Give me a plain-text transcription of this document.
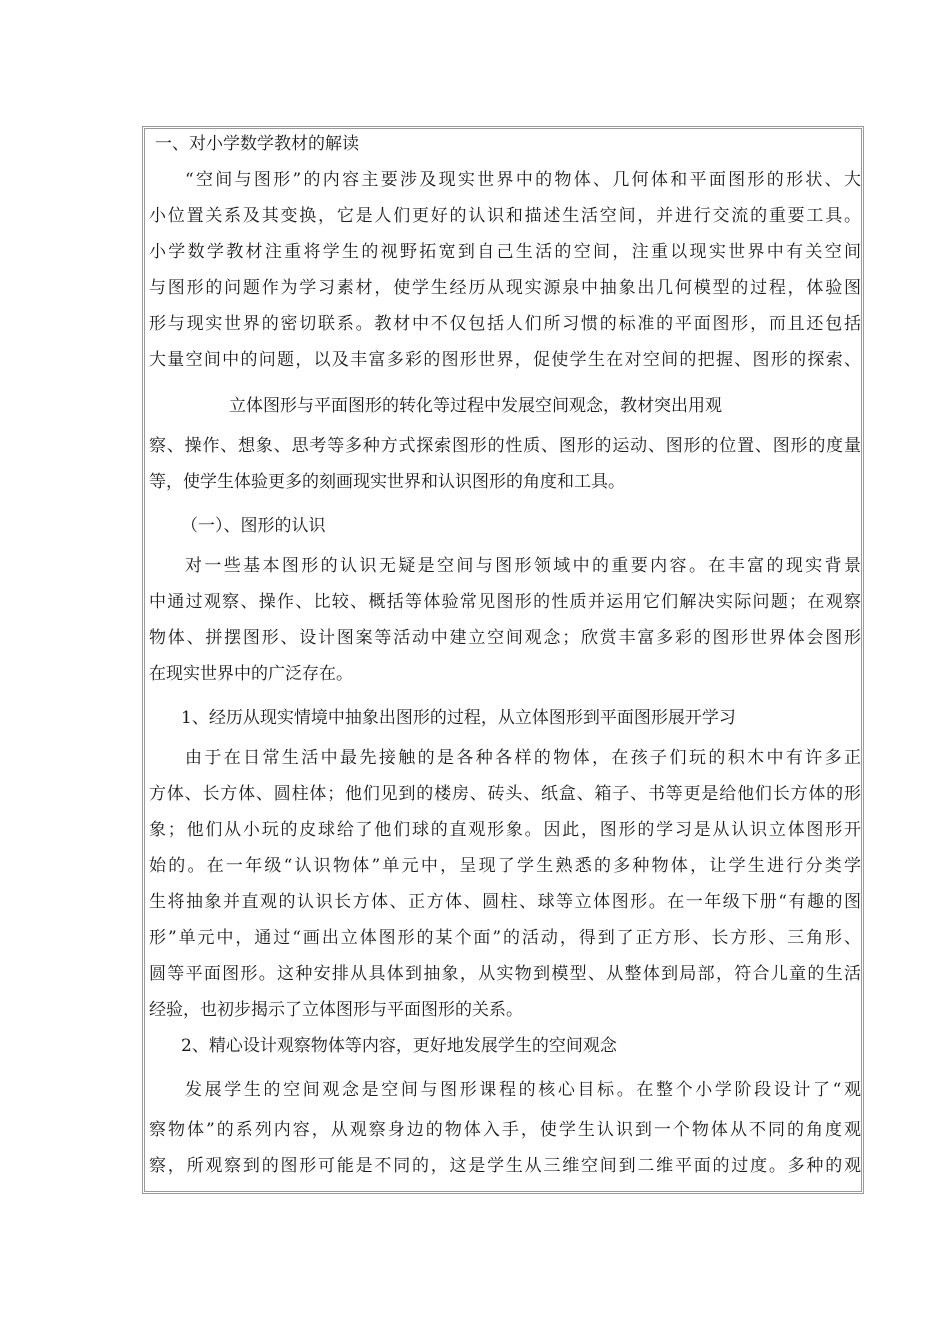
一、对小学数学教材的解读
“空间与图形”的内容主要涉及现实世界中的物体、几何体和平面图形的形状、大
小位置关系及其变换，它是人们更好的认识和描述生活空间，并进行交流的重要工具。
小学数学教材注重将学生的视野拓宽到自己生活的空间，注重以现实世界中有关空间
与图形的问题作为学习素材，使学生经历从现实源泉中抽象出几何模型的过程，体验图
形与现实世界的密切联系。教材中不仅包括人们所习惯的标准的平面图形，而且还包括
大量空间中的问题，以及丰富多彩的图形世界，促使学生在对空间的把握、图形的探索、
立体图形与平面图形的转化等过程中发展空间观念，教材突出用观
察、操作、想象、思考等多种方式探索图形的性质、图形的运动、图形的位置、图形的度量
等，使学生体验更多的刻画现实世界和认识图形的角度和工具。
（一）、图形的认识
对一些基本图形的认识无疑是空间与图形领域中的重要内容。在丰富的现实背景
中通过观察、操作、比较、概括等体验常见图形的性质并运用它们解决实际问题；在观察
物体、拼摆图形、设计图案等活动中建立空间观念；欣赏丰富多彩的图形世界体会图形
在现实世界中的广泛存在。
1、经历从现实情境中抽象出图形的过程，从立体图形到平面图形展开学习
由于在日常生活中最先接触的是各种各样的物体，在孩子们玩的积木中有许多正
方体、长方体、圆柱体；他们见到的楼房、砖头、纸盒、箱子、书等更是给他们长方体的形
象；他们从小玩的皮球给了他们球的直观形象。因此，图形的学习是从认识立体图形开
始的。在一年级“认识物体”单元中，呈现了学生熟悉的多种物体，让学生进行分类学
生将抽象并直观的认识长方体、正方体、圆柱、球等立体图形。在一年级下册“有趣的图
形”单元中，通过“画出立体图形的某个面”的活动，得到了正方形、长方形、三角形、
圆等平面图形。这种安排从具体到抽象，从实物到模型、从整体到局部，符合儿童的生活
经验，也初步揭示了立体图形与平面图形的关系。
2、精心设计观察物体等内容，更好地发展学生的空间观念
发展学生的空间观念是空间与图形课程的核心目标。在整个小学阶段设计了“观
察物体”的系列内容，从观察身边的物体入手，使学生认识到一个物体从不同的角度观
察，所观察到的图形可能是不同的，这是学生从三维空间到二维平面的过度。多种的观
